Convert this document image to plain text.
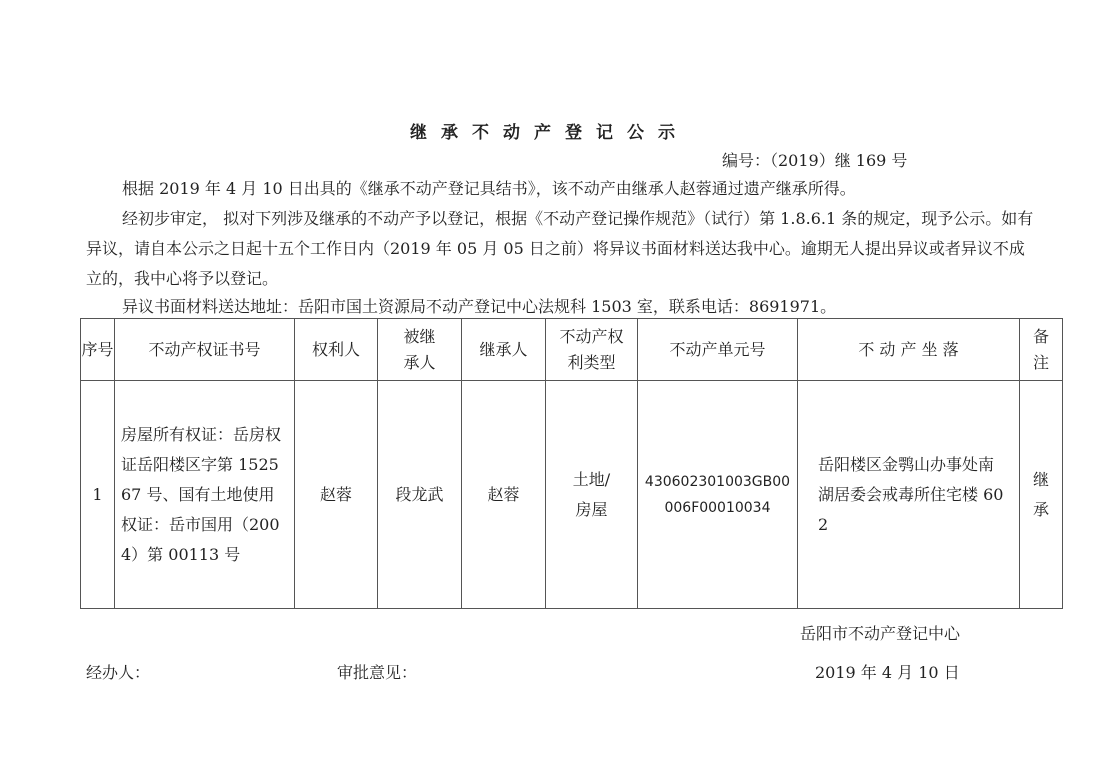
继承不动产登记公示
编号：（2019）继 169 号
根据 2019 年 4 月 10 日出具的《继承不动产登记具结书》，该不动产由继承人赵蓉通过遗产继承所得。
经初步审定， 拟对下列涉及继承的不动产予以登记，根据《不动产登记操作规范》（试行）第 1.8.6.1 条的规定，现予公示。如有异议，请自本公示之日起十五个工作日内（2019 年 05 月 05 日之前）将异议书面材料送达我中心。逾期无人提出异议或者异议不成立的，我中心将予以登记。
异议书面材料送达地址：岳阳市国土资源局不动产登记中心法规科 1503 室，联系电话：8691971。
序号	不动产权证书号	权利人	被继承人	继承人	不动产权利类型	不动产单元号	不 动 产 坐 落	备注
1	房屋所有权证：岳房权证岳阳楼区字第 152567 号、国有土地使用权证：岳市国用（2004）第 00113 号	赵蓉	段龙武	赵蓉	土地/房屋	430602301003GB00006F00010034	岳阳楼区金鹗山办事处南湖居委会戒毒所住宅楼 602	继承
岳阳市不动产登记中心
经办人：	审批意见：	2019 年 4 月 10 日
